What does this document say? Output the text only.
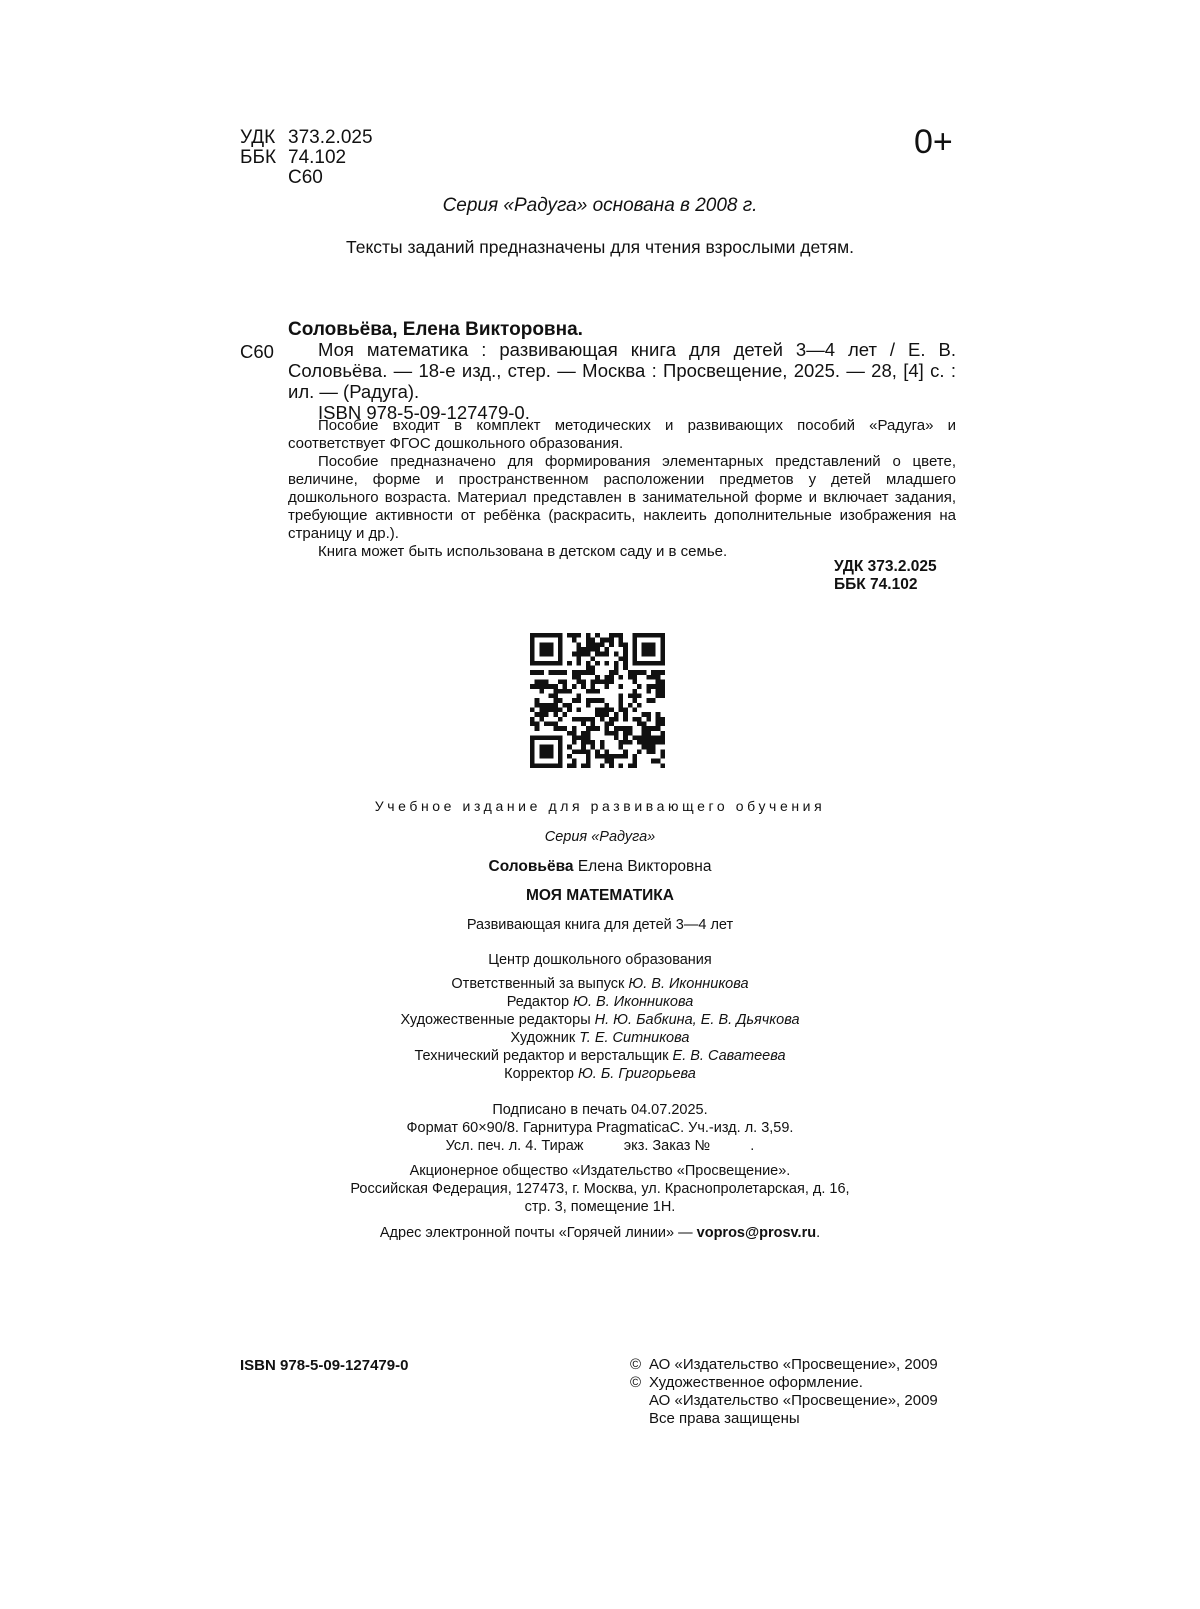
УДК 373.2.025
ББК 74.102
С60
0+
Серия «Радуга» основана в 2008 г.
Тексты заданий предназначены для чтения взрослыми детям.
Соловьёва, Елена Викторовна.
С60	Моя математика : развивающая книга для детей 3—4 лет / Е. В. Соловьёва. — 18-е изд., стер. — Москва : Просвещение, 2025. — 28, [4] с. : ил. — (Радуга).

ISBN 978-5-09-127479-0.

Пособие входит в комплект методических и развивающих пособий «Радуга» и соответствует ФГОС дошкольного образования.

Пособие предназначено для формирования элементарных представлений о цвете, величине, форме и пространственном расположении предметов у детей младшего дошкольного возраста. Материал представлен в занимательной форме и включает задания, требующие активности от ребёнка (раскрасить, наклеить дополнительные изображения на страницу и др.).

Книга может быть использована в детском саду и в семье.

УДК 373.2.025
ББК 74.102
Учебное издание для развивающего обучения
Серия «Радуга»
Соловьёва Елена Викторовна
МОЯ МАТЕМАТИКА
Развивающая книга для детей 3—4 лет
Центр дошкольного образования
Ответственный за выпуск Ю. В. Иконникова
Редактор Ю. В. Иконникова
Художественные редакторы Н. Ю. Бабкина, Е. В. Дьячкова
Художник Т. Е. Ситникова
Технический редактор и верстальщик Е. В. Саватеева
Корректор Ю. Б. Григорьева
Подписано в печать 04.07.2025.
Формат 60×90/8. Гарнитура PragmaticaC. Уч.-изд. л. 3,59.
Усл. печ. л. 4. Тираж          экз. Заказ №          .
Акционерное общество «Издательство «Просвещение».
Российская Федерация, 127473, г. Москва, ул. Краснопролетарская, д. 16,
стр. 3, помещение 1Н.
Адрес электронной почты «Горячей линии» — vopros@prosv.ru.
ISBN 978-5-09-127479-0	© АО «Издательство «Просвещение», 2009
© Художественное оформление.
АО «Издательство «Просвещение», 2009
Все права защищены
